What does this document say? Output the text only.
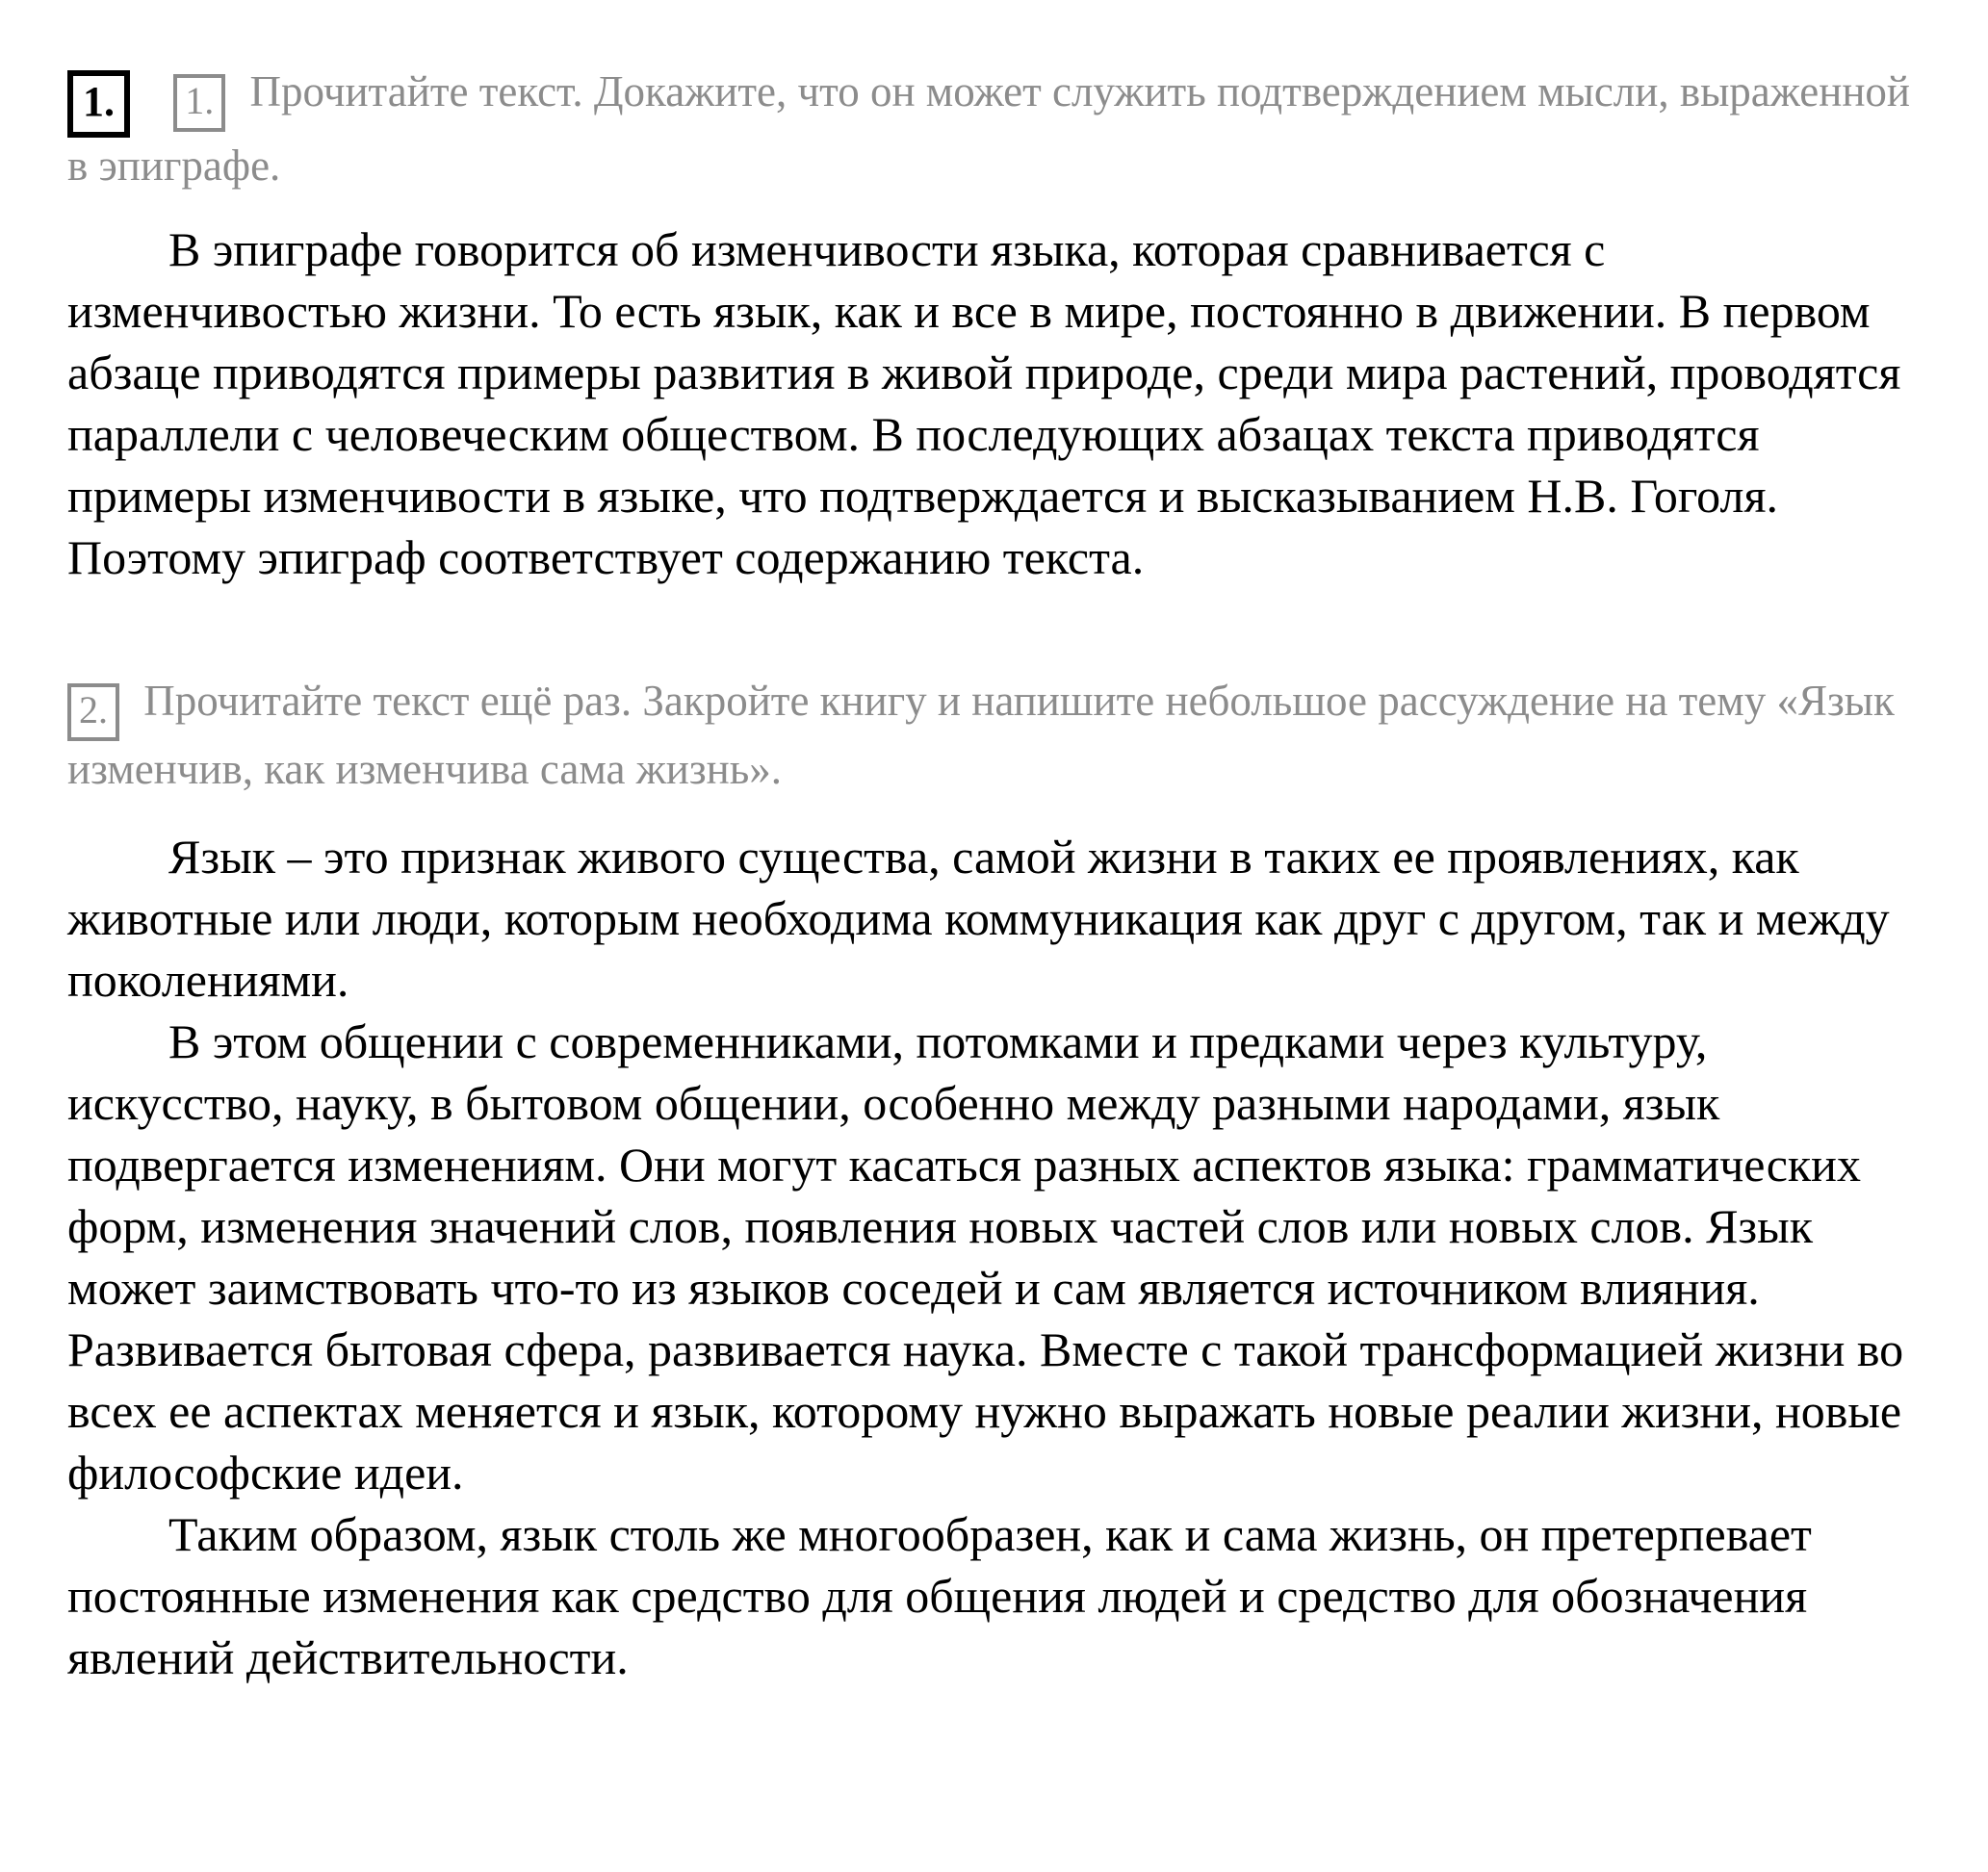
1. 1. Прочитайте текст. Докажите, что он может служить подтверждением мысли, выраженной в эпиграфе.

В эпиграфе говорится об изменчивости языка, которая сравнивается с изменчивостью жизни. То есть язык, как и все в мире, постоянно в движении. В первом абзаце приводятся примеры развития в живой природе, среди мира растений, проводятся параллели с человеческим обществом. В последующих абзацах текста приводятся примеры изменчивости в языке, что подтверждается и высказыванием Н.В. Гоголя. Поэтому эпиграф соответствует содержанию текста.

2. Прочитайте текст ещё раз. Закройте книгу и напишите небольшое рассуждение на тему «Язык изменчив, как изменчива сама жизнь».

Язык – это признак живого существа, самой жизни в таких ее проявлениях, как животные или люди, которым необходима коммуникация как друг с другом, так и между поколениями.

В этом общении с современниками, потомками и предками через культуру, искусство, науку, в бытовом общении, особенно между разными народами, язык подвергается изменениям. Они могут касаться разных аспектов языка: грамматических форм, изменения значений слов, появления новых частей слов или новых слов. Язык может заимствовать что-то из языков соседей и сам является источником влияния. Развивается бытовая сфера, развивается наука. Вместе с такой трансформацией жизни во всех ее аспектах меняется и язык, которому нужно выражать новые реалии жизни, новые философские идеи.

Таким образом, язык столь же многообразен, как и сама жизнь, он претерпевает постоянные изменения как средство для общения людей и средство для обозначения явлений действительности.
